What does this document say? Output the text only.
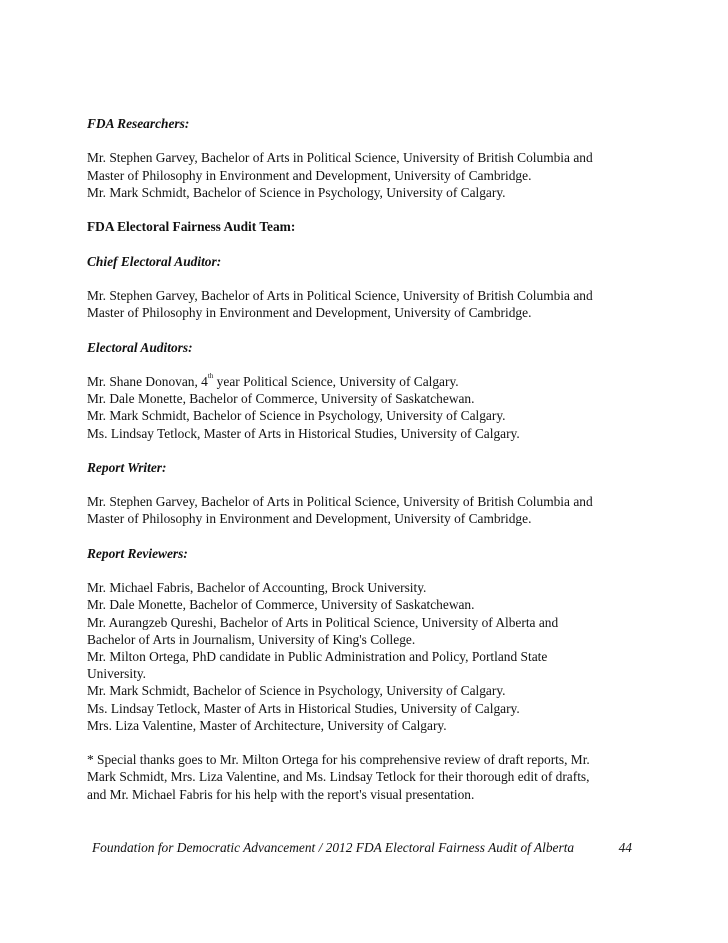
FDA Researchers:

Mr. Stephen Garvey, Bachelor of Arts in Political Science, University of British Columbia and

Master of Philosophy in Environment and Development, University of Cambridge.

Mr. Mark Schmidt, Bachelor of Science in Psychology, University of Calgary.

FDA Electoral Fairness Audit Team:

Chief Electoral Auditor:

Mr. Stephen Garvey, Bachelor of Arts in Political Science, University of British Columbia and

Master of Philosophy in Environment and Development, University of Cambridge.

Electoral Auditors:

Mr. Shane Donovan, 4th year Political Science, University of Calgary.

Mr. Dale Monette, Bachelor of Commerce, University of Saskatchewan.

Mr. Mark Schmidt, Bachelor of Science in Psychology, University of Calgary.

Ms. Lindsay Tetlock, Master of Arts in Historical Studies, University of Calgary.

Report Writer:

Mr. Stephen Garvey, Bachelor of Arts in Political Science, University of British Columbia and

Master of Philosophy in Environment and Development, University of Cambridge.

Report Reviewers:

Mr. Michael Fabris, Bachelor of Accounting, Brock University.

Mr. Dale Monette, Bachelor of Commerce, University of Saskatchewan.

Mr. Aurangzeb Qureshi, Bachelor of Arts in Political Science, University of Alberta and

Bachelor of Arts in Journalism, University of King's College.

Mr. Milton Ortega, PhD candidate in Public Administration and Policy, Portland State

University.

Mr. Mark Schmidt, Bachelor of Science in Psychology, University of Calgary.

Ms. Lindsay Tetlock, Master of Arts in Historical Studies, University of Calgary.

Mrs. Liza Valentine, Master of Architecture, University of Calgary.

* Special thanks goes to Mr. Milton Ortega for his comprehensive review of draft reports, Mr.

Mark Schmidt, Mrs. Liza Valentine, and Ms. Lindsay Tetlock for their thorough edit of drafts,

and Mr. Michael Fabris for his help with the report's visual presentation.

Foundation for Democratic Advancement / 2012 FDA Electoral Fairness Audit of Alberta	44
